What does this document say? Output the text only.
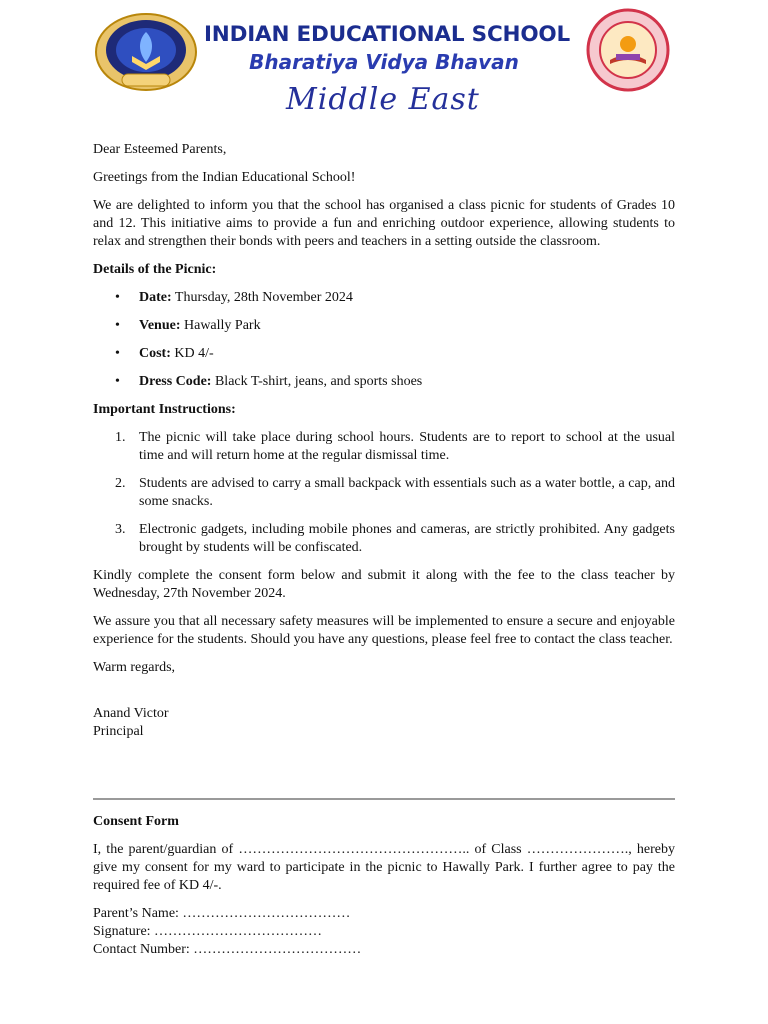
INDIAN EDUCATIONAL SCHOOL
Bharatiya Vidya Bhavan
Middle East

Dear Esteemed Parents,

Greetings from the Indian Educational School!

We are delighted to inform you that the school has organised a class picnic for students of Grades 10 and 12. This initiative aims to provide a fun and enriching outdoor experience, allowing students to relax and strengthen their bonds with peers and teachers in a setting outside the classroom.

Details of the Picnic:

• Date: Thursday, 28th November 2024
• Venue: Hawally Park
• Cost: KD 4/-
• Dress Code: Black T-shirt, jeans, and sports shoes

Important Instructions:

1. The picnic will take place during school hours. Students are to report to school at the usual time and will return home at the regular dismissal time.
2. Students are advised to carry a small backpack with essentials such as a water bottle, a cap, and some snacks.
3. Electronic gadgets, including mobile phones and cameras, are strictly prohibited. Any gadgets brought by students will be confiscated.

Kindly complete the consent form below and submit it along with the fee to the class teacher by Wednesday, 27th November 2024.

We assure you that all necessary safety measures will be implemented to ensure a secure and enjoyable experience for the students. Should you have any questions, please feel free to contact the class teacher.

Warm regards,

Anand Victor
Principal

Consent Form

I, the parent/guardian of ………………………………………….. of Class …………………., hereby give my consent for my ward to participate in the picnic to Hawally Park. I further agree to pay the required fee of KD 4/-.

Parent’s Name: ………………………………
Signature: ………………………………
Contact Number: ………………………………
